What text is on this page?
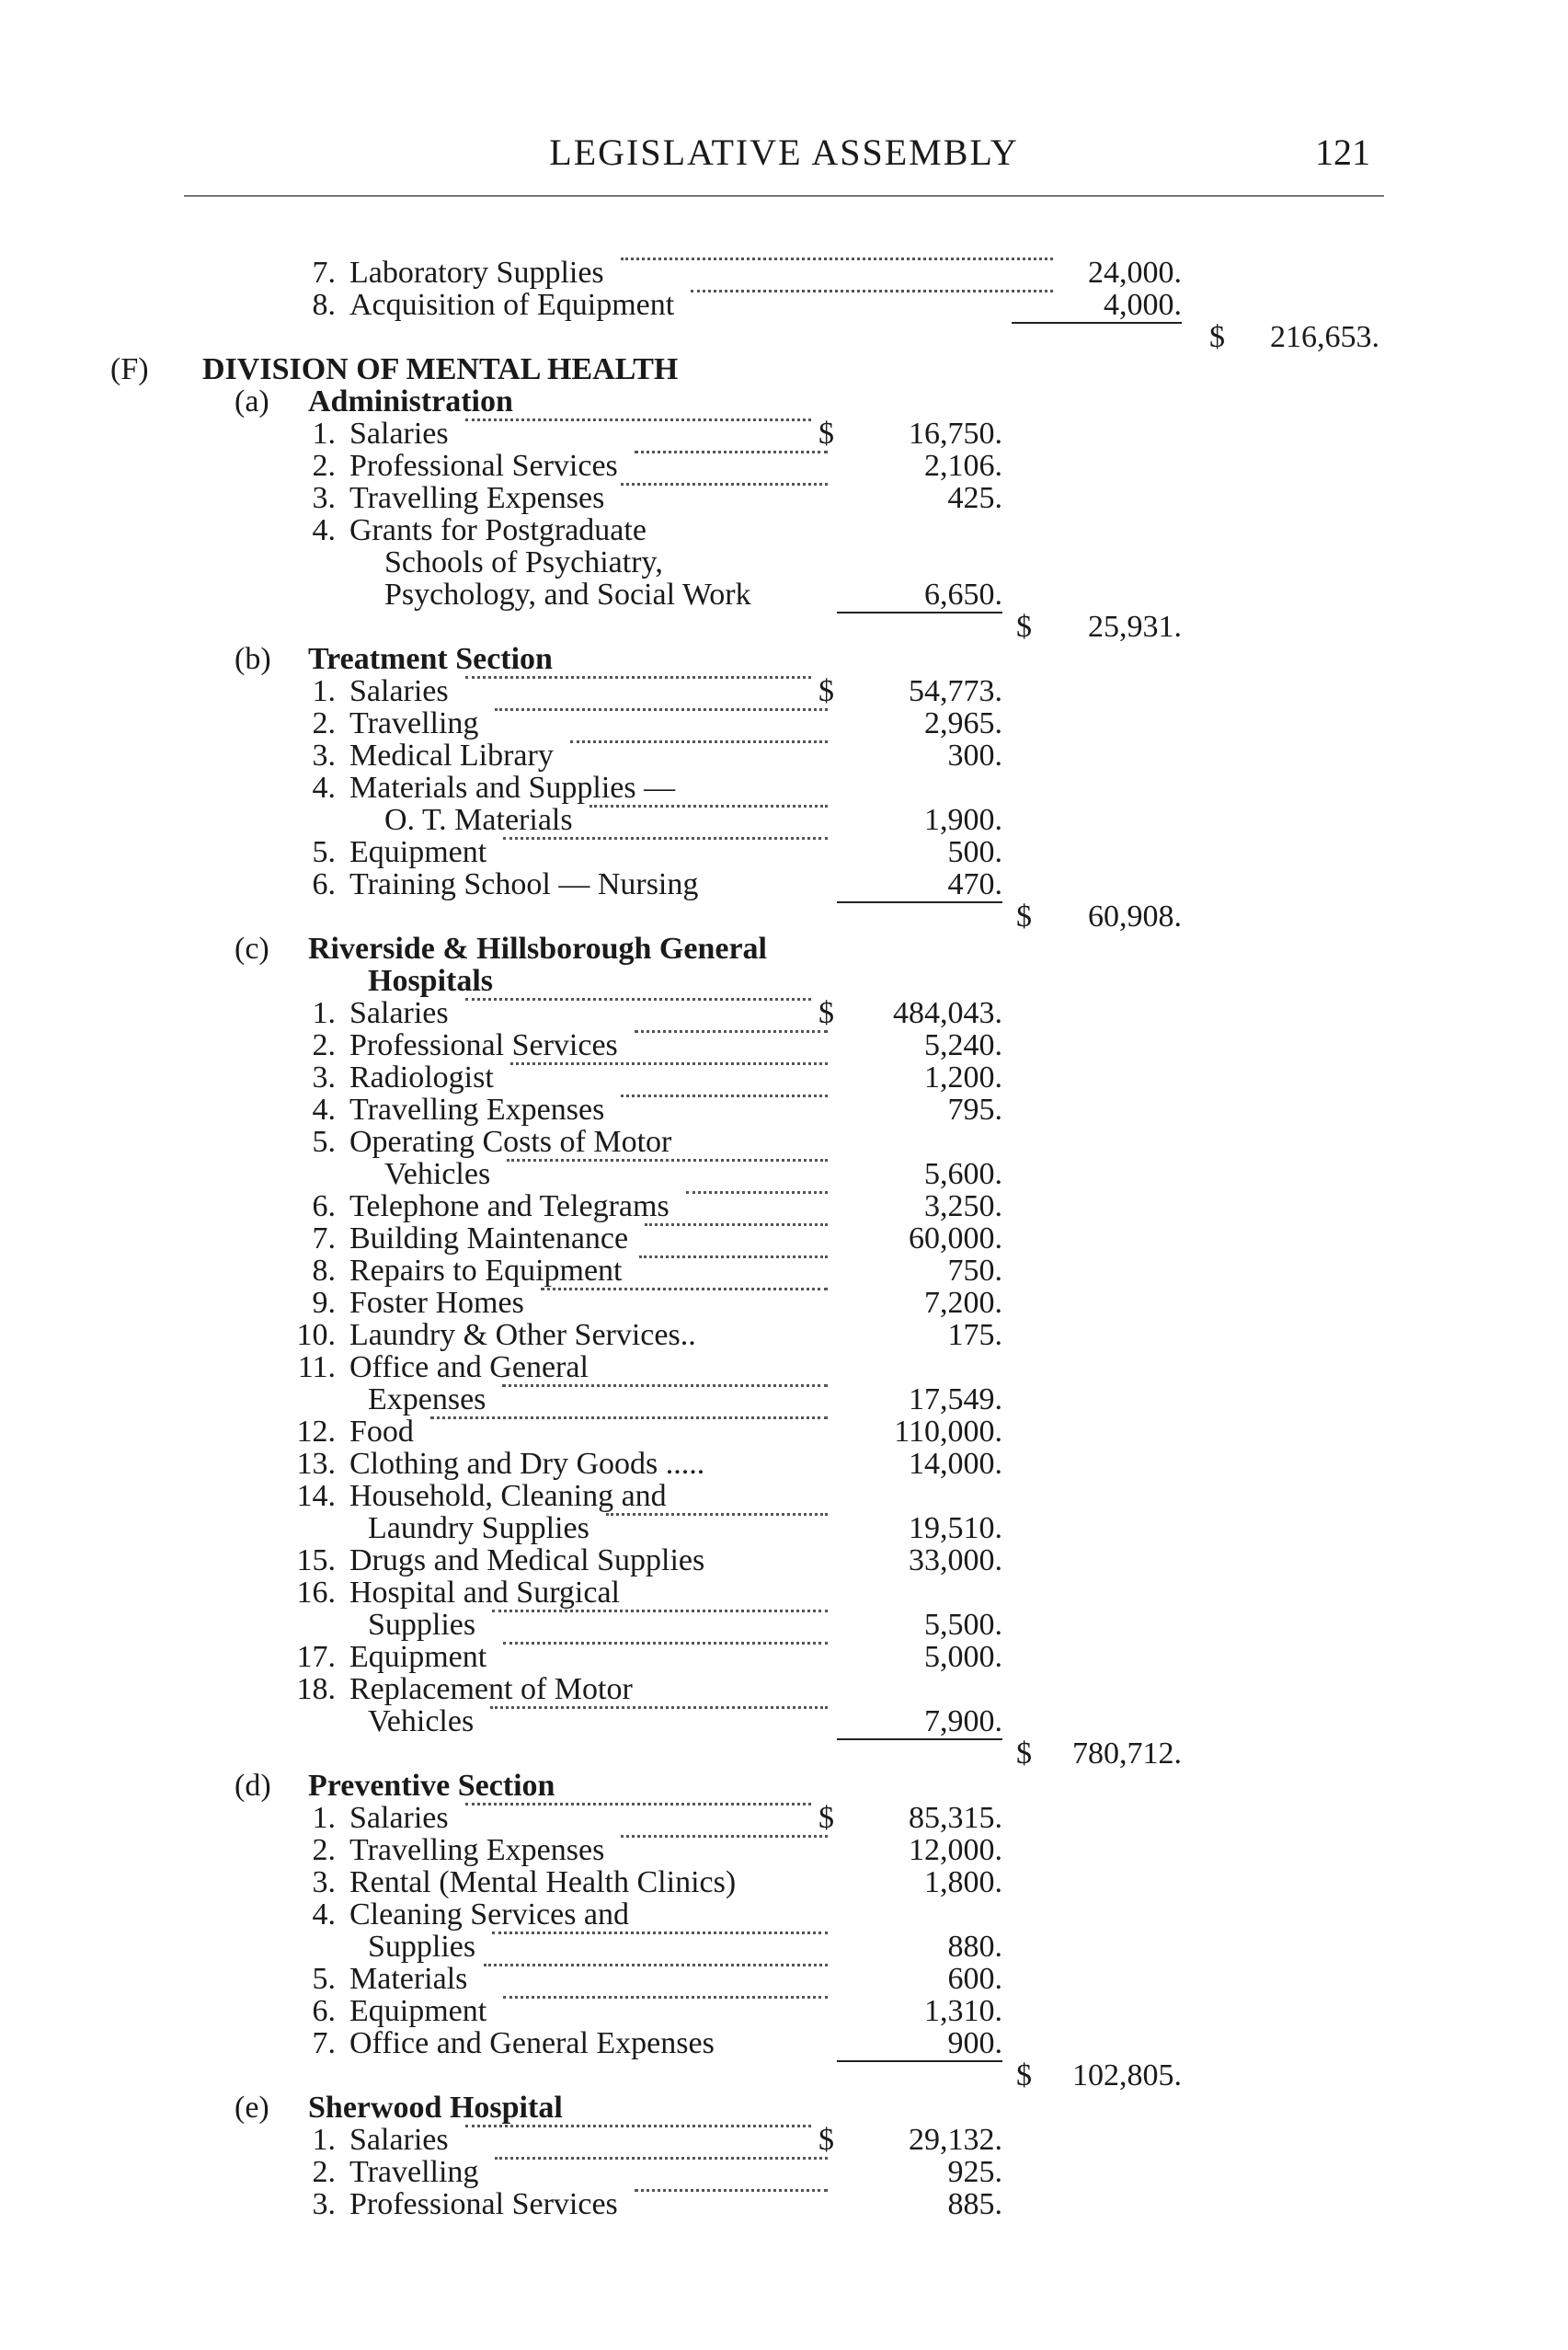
LEGISLATIVE ASSEMBLY	121
7. Laboratory Supplies	24,000.
8. Acquisition of Equipment	4,000.
$ 216,653.
(F) DIVISION OF MENTAL HEALTH
(a) Administration
1. Salaries	$ 16,750.
2. Professional Services	2,106.
3. Travelling Expenses	425.
4. Grants for Postgraduate
Schools of Psychiatry,
Psychology, and Social Work	6,650.
$ 25,931.
(b) Treatment Section
1. Salaries	$ 54,773.
2. Travelling	2,965.
3. Medical Library	300.
4. Materials and Supplies —
O. T. Materials	1,900.
5. Equipment	500.
6. Training School — Nursing	470.
$ 60,908.
(c) Riverside & Hillsborough General
Hospitals
1. Salaries	$ 484,043.
2. Professional Services	5,240.
3. Radiologist	1,200.
4. Travelling Expenses	795.
5. Operating Costs of Motor
Vehicles	5,600.
6. Telephone and Telegrams	3,250.
7. Building Maintenance	60,000.
8. Repairs to Equipment	750.
9. Foster Homes	7,200.
10. Laundry & Other Services..	175.
11. Office and General
Expenses	17,549.
12. Food	110,000.
13. Clothing and Dry Goods .....	14,000.
14. Household, Cleaning and
Laundry Supplies	19,510.
15. Drugs and Medical Supplies	33,000.
16. Hospital and Surgical
Supplies	5,500.
17. Equipment	5,000.
18. Replacement of Motor
Vehicles	7,900.
$ 780,712.
(d) Preventive Section
1. Salaries	$ 85,315.
2. Travelling Expenses	12,000.
3. Rental (Mental Health Clinics)	1,800.
4. Cleaning Services and
Supplies	880.
5. Materials	600.
6. Equipment	1,310.
7. Office and General Expenses	900.
$ 102,805.
(e) Sherwood Hospital
1. Salaries	$ 29,132.
2. Travelling	925.
3. Professional Services	885.
